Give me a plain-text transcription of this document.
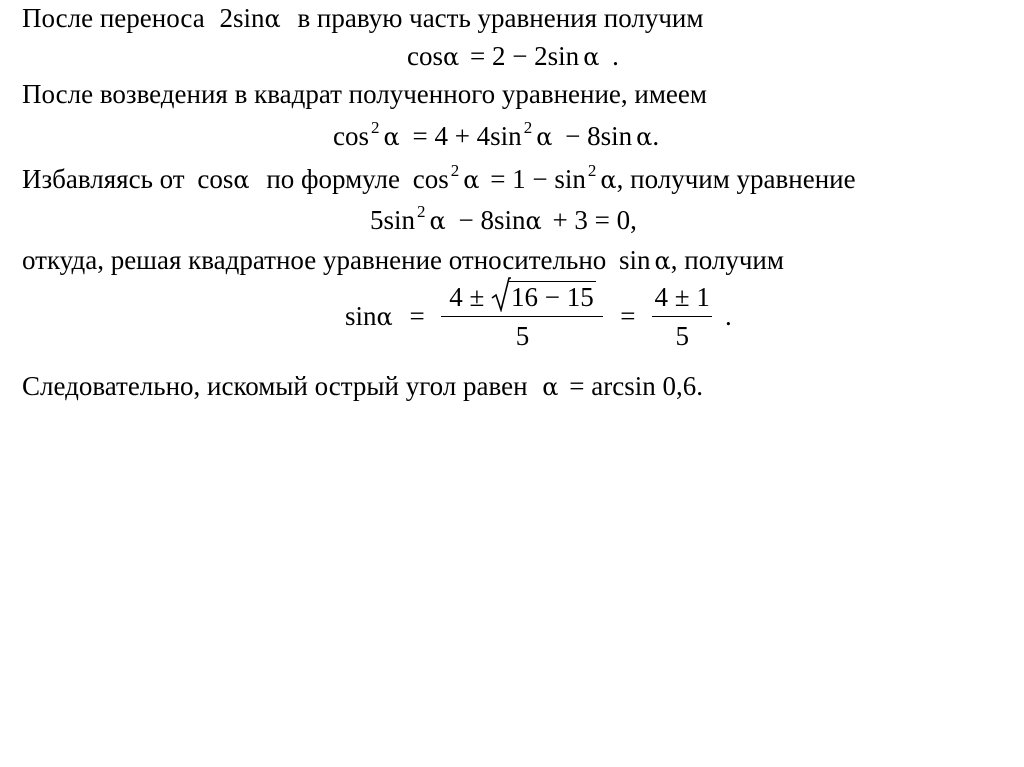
После переноса 2sinα в правую часть уравнения получим
cosα = 2 − 2sin α .
После возведения в квадрат полученного уравнение, имеем
cos $^2$ α = 4 + 4sin $^2$ α − 8sin α.
Избавляясь от cosα по формуле cos $^2$ α = 1 − sin $^2$ α, получим уравнение
5sin $^2$ α − 8sinα + 3 = 0,
откуда, решая квадратное уравнение относительно sin α, получим
$\sin\alpha = \frac{4 \pm 16 - 15}{5} = \frac{4 \pm 1}{5}$ .
Следовательно, искомый острый угол равен α = arcsin 0,6.
